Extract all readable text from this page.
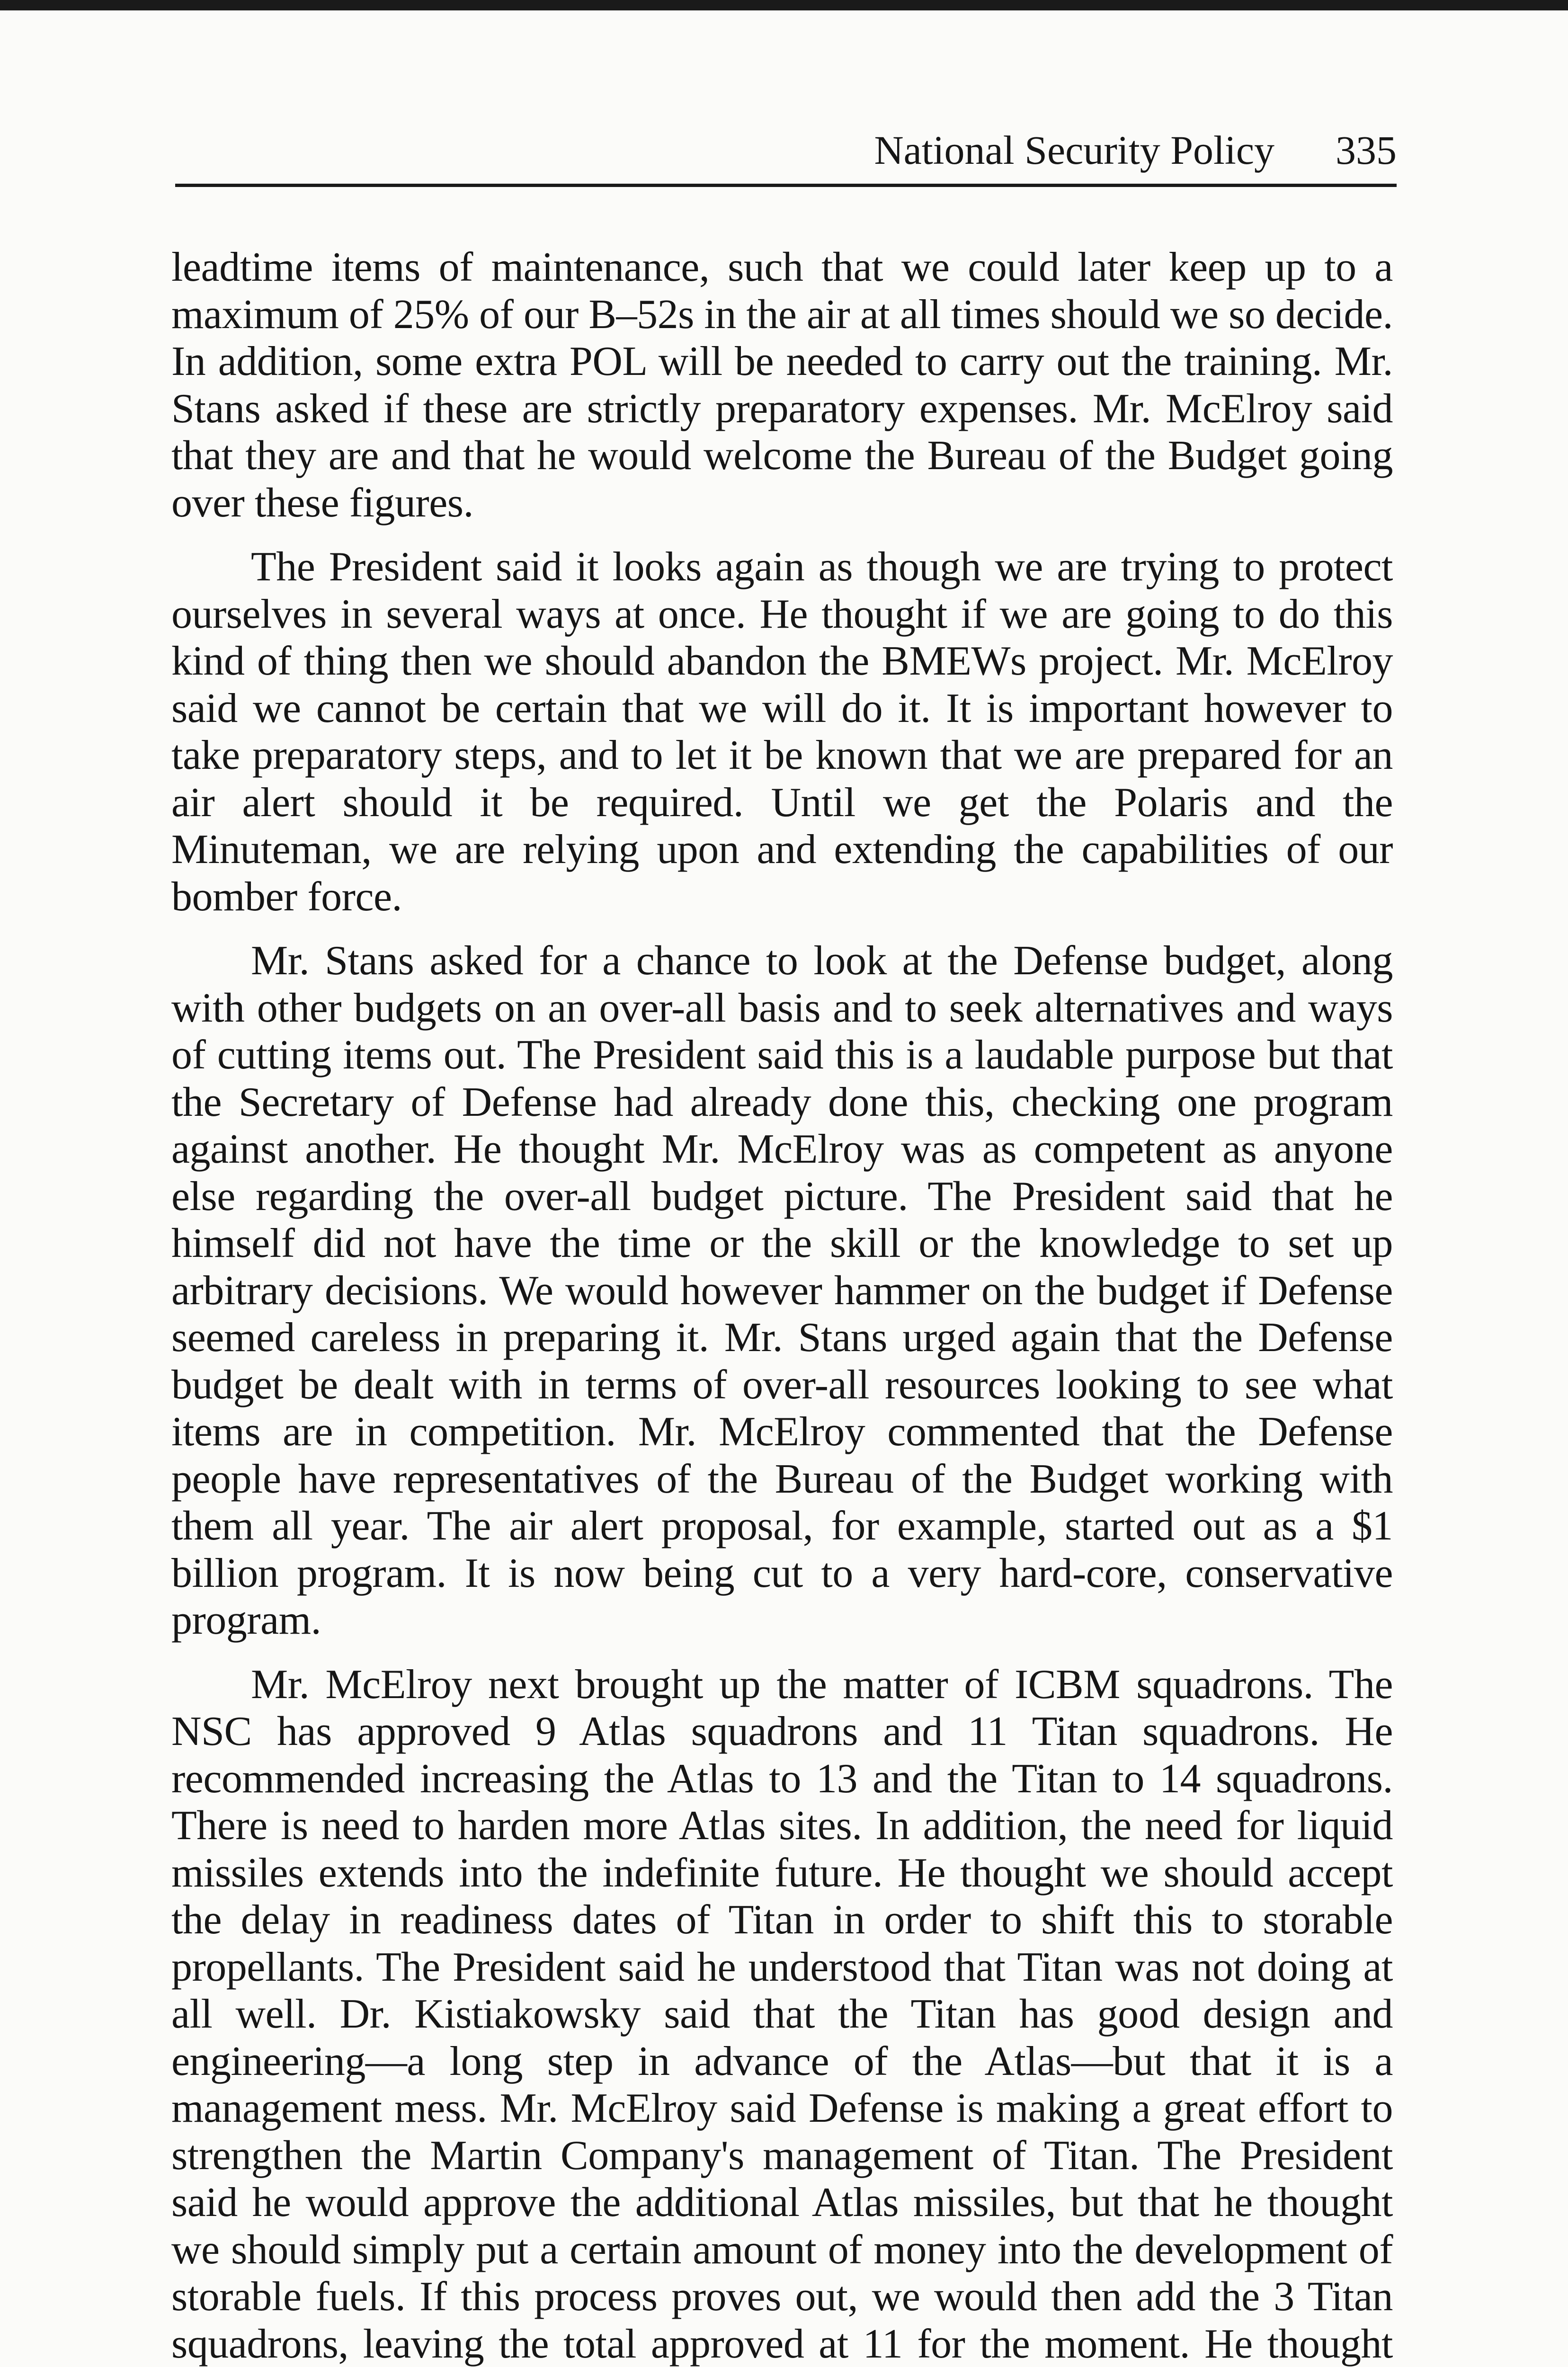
National Security Policy 335

leadtime items of maintenance, such that we could later keep up to a maximum of 25% of our B–52s in the air at all times should we so decide. In addition, some extra POL will be needed to carry out the training. Mr. Stans asked if these are strictly preparatory expenses. Mr. McElroy said that they are and that he would welcome the Bureau of the Budget going over these figures.

The President said it looks again as though we are trying to protect ourselves in several ways at once. He thought if we are going to do this kind of thing then we should abandon the BMEWs project. Mr. McElroy said we cannot be certain that we will do it. It is important however to take preparatory steps, and to let it be known that we are prepared for an air alert should it be required. Until we get the Polaris and the Minuteman, we are relying upon and extending the capabilities of our bomber force.

Mr. Stans asked for a chance to look at the Defense budget, along with other budgets on an over-all basis and to seek alternatives and ways of cutting items out. The President said this is a laudable purpose but that the Secretary of Defense had already done this, checking one program against another. He thought Mr. McElroy was as competent as anyone else regarding the over-all budget picture. The President said that he himself did not have the time or the skill or the knowledge to set up arbitrary decisions. We would however hammer on the budget if Defense seemed careless in preparing it. Mr. Stans urged again that the Defense budget be dealt with in terms of over-all resources looking to see what items are in competition. Mr. McElroy commented that the Defense people have representatives of the Bureau of the Budget working with them all year. The air alert proposal, for example, started out as a $1 billion program. It is now being cut to a very hard-core, conservative program.

Mr. McElroy next brought up the matter of ICBM squadrons. The NSC has approved 9 Atlas squadrons and 11 Titan squadrons. He recommended increasing the Atlas to 13 and the Titan to 14 squadrons. There is need to harden more Atlas sites. In addition, the need for liquid missiles extends into the indefinite future. He thought we should accept the delay in readiness dates of Titan in order to shift this to storable propellants. The President said he understood that Titan was not doing at all well. Dr. Kistiakowsky said that the Titan has good design and engineering—a long step in advance of the Atlas—but that it is a management mess. Mr. McElroy said Defense is making a great effort to strengthen the Martin Company's management of Titan. The President said he would approve the additional Atlas missiles, but that he thought we should simply put a certain amount of money into the development of storable fuels. If this process proves out, we would then add the 3 Titan squadrons, leaving the total approved at 11 for the moment. He thought
